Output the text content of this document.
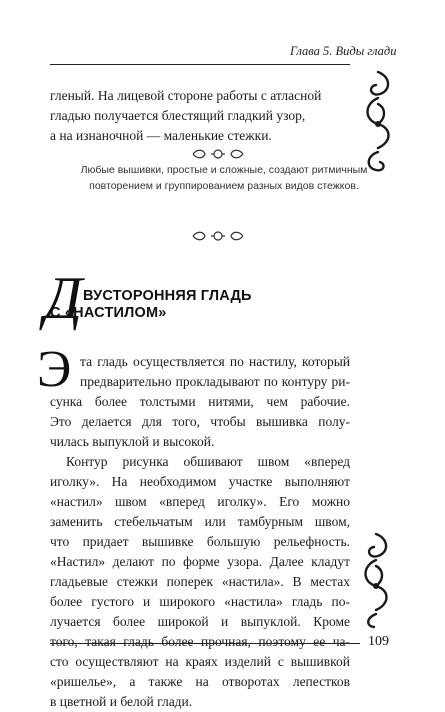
Глава 5. Виды глади
гленый. На лицевой стороне работы с атласной
гладью получается блестящий гладкий узор,
а на изнаночной — маленькие стежки.

Любые вышивки, простые и сложные, создают ритмичным повторением и группированием разных видов стежков.

Д ВУСТОРОННЯЯ ГЛАДЬ
С «НАСТИЛОМ»
Э та гладь осуществляется по настилу, который

предварительно прокладывают по контуру ри-

сунка более толстыми нитями, чем рабочие.

Это делается для того, чтобы вышивка полу-

чилась выпуклой и высокой.

Контур рисунка обшивают швом «вперед

иголку». На необходимом участке выполняют

«настил» швом «вперед иголку». Его можно

заменить стебельчатым или тамбурным швом,

что придает вышивке большую рельефность.

«Настил» делают по форме узора. Далее кладут

гладьевые стежки поперек «настила». В местах

более густого и широкого «настила» гладь по-

лучается более широкой и выпуклой. Кроме

того, такая гладь более прочная, поэтому ее ча-

сто осуществляют на краях изделий с вышивкой

«ришелье», а также на отворотах лепестков

в цветной и белой глади.

109
